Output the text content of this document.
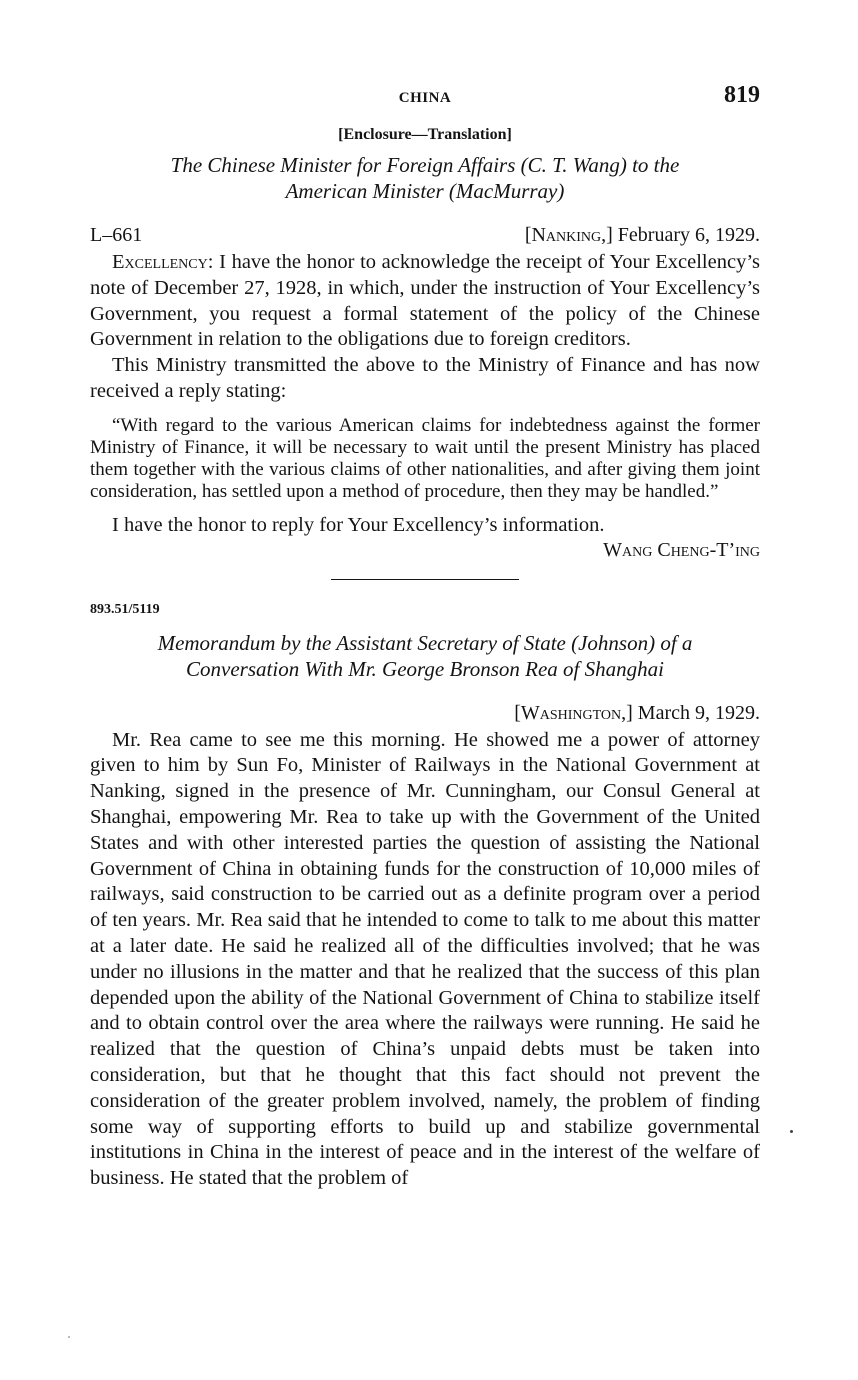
CHINA	819
[Enclosure—Translation]
The Chinese Minister for Foreign Affairs (C. T. Wang) to the
American Minister (MacMurray)
L–661	[Nanking,] February 6, 1929.

Excellency: I have the honor to acknowledge the receipt of Your Excellency’s note of December 27, 1928, in which, under the instruction of Your Excellency’s Government, you request a formal statement of the policy of the Chinese Government in relation to the obligations due to foreign creditors.

This Ministry transmitted the above to the Ministry of Finance and has now received a reply stating:

“With regard to the various American claims for indebtedness against the former Ministry of Finance, it will be necessary to wait until the present Ministry has placed them together with the various claims of other nationalities, and after giving them joint consideration, has settled upon a method of procedure, then they may be handled.”

I have the honor to reply for Your Excellency’s information.

Wang Cheng-T’ing
893.51/5119
Memorandum by the Assistant Secretary of State (Johnson) of a
Conversation With Mr. George Bronson Rea of Shanghai
[Washington,] March 9, 1929.

Mr. Rea came to see me this morning. He showed me a power of attorney given to him by Sun Fo, Minister of Railways in the National Government at Nanking, signed in the presence of Mr. Cunningham, our Consul General at Shanghai, empowering Mr. Rea to take up with the Government of the United States and with other interested parties the question of assisting the National Government of China in obtaining funds for the construction of 10,000 miles of railways, said construction to be carried out as a definite program over a period of ten years. Mr. Rea said that he intended to come to talk to me about this matter at a later date. He said he realized all of the difficulties involved; that he was under no illusions in the matter and that he realized that the success of this plan depended upon the ability of the National Government of China to stabilize itself and to obtain control over the area where the railways were running. He said he realized that the question of China’s unpaid debts must be taken into consideration, but that he thought that this fact should not prevent the consideration of the greater problem involved, namely, the problem of finding some way of supporting efforts to build up and stabilize governmental institutions in China in the interest of peace and in the interest of the welfare of business. He stated that the problem of
